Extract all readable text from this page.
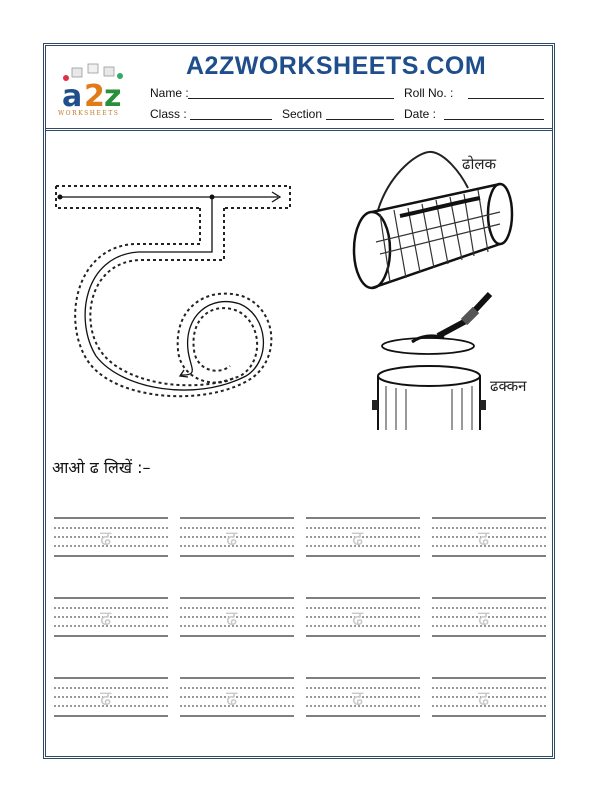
a 2 z
WORKSHEETS
A2ZWORKSHEETS.COM
Name :	Roll No. :
Class :	Section	Date :
ढोलक
ढक्कन
आओ ढ लिखें :–
ढ	ढ	ढ	ढ
ढ	ढ	ढ	ढ
ढ	ढ	ढ	ढ
